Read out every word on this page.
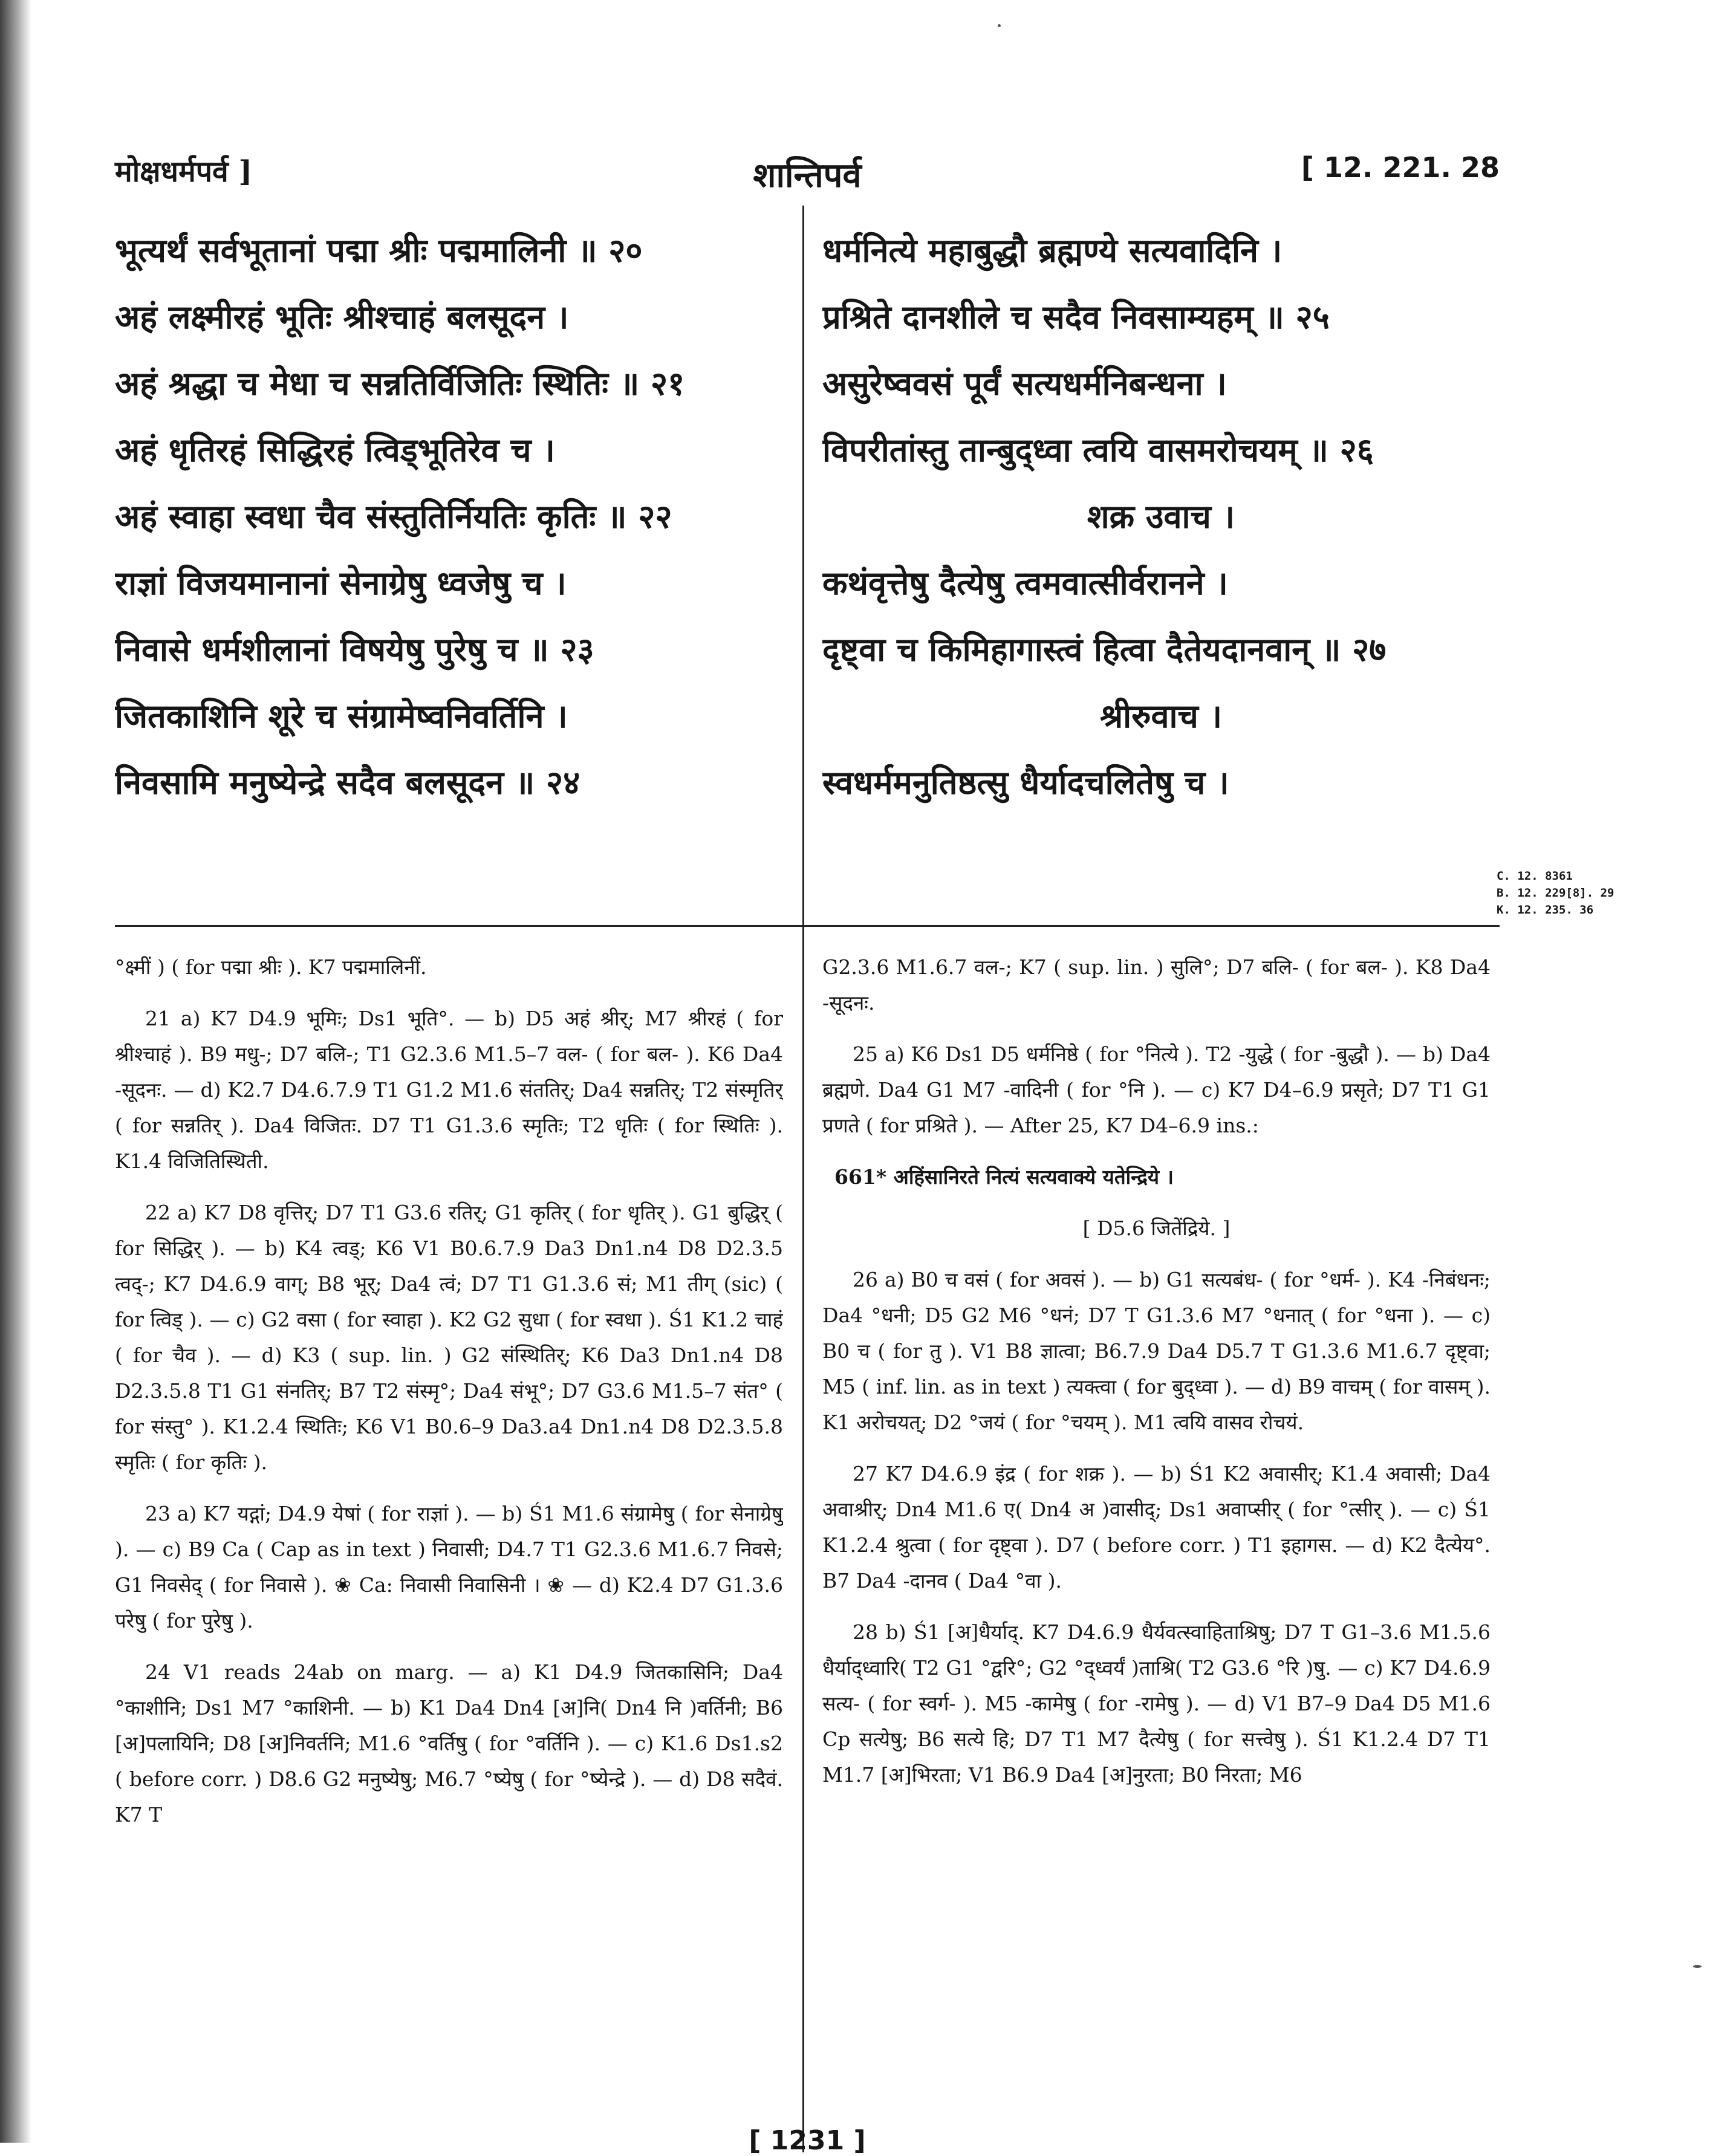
मोक्षधर्मपर्व ]	शान्तिपर्व	[ 12. 221. 28
भूत्यर्थं सर्वभूतानां पद्मा श्रीः पद्ममालिनी ॥ २०
अहं लक्ष्मीरहं भूतिः श्रीश्चाहं बलसूदन ।
अहं श्रद्धा च मेधा च सन्नतिर्विजितिः स्थितिः ॥ २१
अहं धृतिरहं सिद्धिरहं त्विड्भूतिरेव च ।
अहं स्वाहा स्वधा चैव संस्तुतिर्नियतिः कृतिः ॥ २२
राज्ञां विजयमानानां सेनाग्रेषु ध्वजेषु च ।
निवासे धर्मशीलानां विषयेषु पुरेषु च ॥ २३
जितकाशिनि शूरे च संग्रामेष्वनिवर्तिनि ।
निवसामि मनुष्येन्द्रे सदैव बलसूदन ॥ २४
धर्मनित्ये महाबुद्धौ ब्रह्मण्ये सत्यवादिनि ।
प्रश्रिते दानशीले च सदैव निवसाम्यहम् ॥ २५
असुरेष्ववसं पूर्वं सत्यधर्मनिबन्धना ।
विपरीतांस्तु तान्बुद्ध्वा त्वयि वासमरोचयम् ॥ २६
शक्र उवाच ।
कथंवृत्तेषु दैत्येषु त्वमवात्सीर्वरानने ।
दृष्ट्वा च किमिहागास्त्वं हित्वा दैतेयदानवान् ॥ २७
श्रीरुवाच ।
स्वधर्ममनुतिष्ठत्सु धैर्यादचलितेषु च ।
C. 12. 8361
B. 12. 229[8]. 29
K. 12. 235. 36

°क्ष्मीं ) ( for पद्मा श्रीः ). K7 पद्ममालिनीं.

21 a) K7 D4.9 भूमिः; Ds1 भूति°. — b) D5 अहं श्रीर्; M7 श्रीरहं ( for श्रीश्चाहं ). B9 मधु-; D7 बलि-; T1 G2.3.6 M1.5–7 वल- ( for बल- ). K6 Da4 -सूदनः. — d) K2.7 D4.6.7.9 T1 G1.2 M1.6 संततिर्; Da4 सन्नतिर्; T2 संस्मृतिर् ( for सन्नतिर् ). Da4 विजितः. D7 T1 G1.3.6 स्मृतिः; T2 धृतिः ( for स्थितिः ). K1.4 विजितिस्थिती.

22 a) K7 D8 वृत्तिर्; D7 T1 G3.6 रतिर्; G1 कृतिर् ( for धृतिर् ). G1 बुद्धिर् ( for सिद्धिर् ). — b) K4 त्वड्; K6 V1 B0.6.7.9 Da3 Dn1.n4 D8 D2.3.5 त्वद्-; K7 D4.6.9 वाग्; B8 भूर्; Da4 त्वं; D7 T1 G1.3.6 सं; M1 तीग् (sic) ( for त्विड् ). — c) G2 वसा ( for स्वाहा ). K2 G2 सुधा ( for स्वधा ). Ś1 K1.2 चाहं ( for चैव ). — d) K3 ( sup. lin. ) G2 संस्थितिर्; K6 Da3 Dn1.n4 D8 D2.3.5.8 T1 G1 संनतिर्; B7 T2 संस्मृ°; Da4 संभू°; D7 G3.6 M1.5–7 संत° ( for संस्तु° ). K1.2.4 स्थितिः; K6 V1 B0.6–9 Da3.a4 Dn1.n4 D8 D2.3.5.8 स्मृतिः ( for कृतिः ).

23 a) K7 यद्गां; D4.9 येषां ( for राज्ञां ). — b) Ś1 M1.6 संग्रामेषु ( for सेनाग्रेषु ). — c) B9 Ca ( Cap as in text ) निवासी; D4.7 T1 G2.3.6 M1.6.7 निवसे; G1 निवसेद् ( for निवासे ). ❀ Ca: निवासी निवासिनी । ❀ — d) K2.4 D7 G1.3.6 परेषु ( for पुरेषु ).

24 V1 reads 24ab on marg. — a) K1 D4.9 जितकासिनि; Da4 °काशीनि; Ds1 M7 °काशिनी. — b) K1 Da4 Dn4 [अ]नि( Dn4 नि )वर्तिनी; B6 [अ]पलायिनि; D8 [अ]निवर्तनि; M1.6 °वर्तिषु ( for °वर्तिनि ). — c) K1.6 Ds1.s2 ( before corr. ) D8.6 G2 मनुष्येषु; M6.7 °ष्येषु ( for °ष्येन्द्रे ). — d) D8 सदैवं. K7 T

G2.3.6 M1.6.7 वल-; K7 ( sup. lin. ) सुलि°; D7 बलि- ( for बल- ). K8 Da4 -सूदनः.

25 a) K6 Ds1 D5 धर्मनिष्ठे ( for °नित्ये ). T2 -युद्धे ( for -बुद्धौ ). — b) Da4 ब्रह्मणे. Da4 G1 M7 -वादिनी ( for °नि ). — c) K7 D4–6.9 प्रसृते; D7 T1 G1 प्रणते ( for प्रश्रिते ). — After 25, K7 D4–6.9 ins.:

661* अहिंसानिरते नित्यं सत्यवाक्ये यतेन्द्रिये ।

[ D5.6 जितेंद्रिये. ]

26 a) B0 च वसं ( for अवसं ). — b) G1 सत्यबंध- ( for °धर्म- ). K4 -निबंधनः; Da4 °धनी; D5 G2 M6 °धनं; D7 T G1.3.6 M7 °धनात् ( for °धना ). — c) B0 च ( for तु ). V1 B8 ज्ञात्वा; B6.7.9 Da4 D5.7 T G1.3.6 M1.6.7 दृष्ट्वा; M5 ( inf. lin. as in text ) त्यक्त्वा ( for बुद्ध्वा ). — d) B9 वाचम् ( for वासम् ). K1 अरोचयत्; D2 °जयं ( for °चयम् ). M1 त्वयि वासव रोचयं.

27 K7 D4.6.9 इंद्र ( for शक्र ). — b) Ś1 K2 अवासीर्; K1.4 अवासी; Da4 अवाश्रीर्; Dn4 M1.6 ए( Dn4 अ )वासीद्; Ds1 अवाप्सीर् ( for °त्सीर् ). — c) Ś1 K1.2.4 श्रुत्वा ( for दृष्ट्वा ). D7 ( before corr. ) T1 इहागस. — d) K2 दैत्येय°. B7 Da4 -दानव ( Da4 °वा ).

28 b) Ś1 [अ]धैर्याद्. K7 D4.6.9 धैर्यवत्स्वाहिताश्रिषु; D7 T G1–3.6 M1.5.6 धैर्याद्ध्वारि( T2 G1 °द्वरि°; G2 °द्ध्वर्यं )ताश्रि( T2 G3.6 °रि )षु. — c) K7 D4.6.9 सत्य- ( for स्वर्ग- ). M5 -कामेषु ( for -रामेषु ). — d) V1 B7–9 Da4 D5 M1.6 Cp सत्येषु; B6 सत्ये हि; D7 T1 M7 दैत्येषु ( for सत्त्वेषु ). Ś1 K1.2.4 D7 T1 M1.7 [अ]भिरता; V1 B6.9 Da4 [अ]नुरता; B0 निरता; M6

[ 1231 ]
